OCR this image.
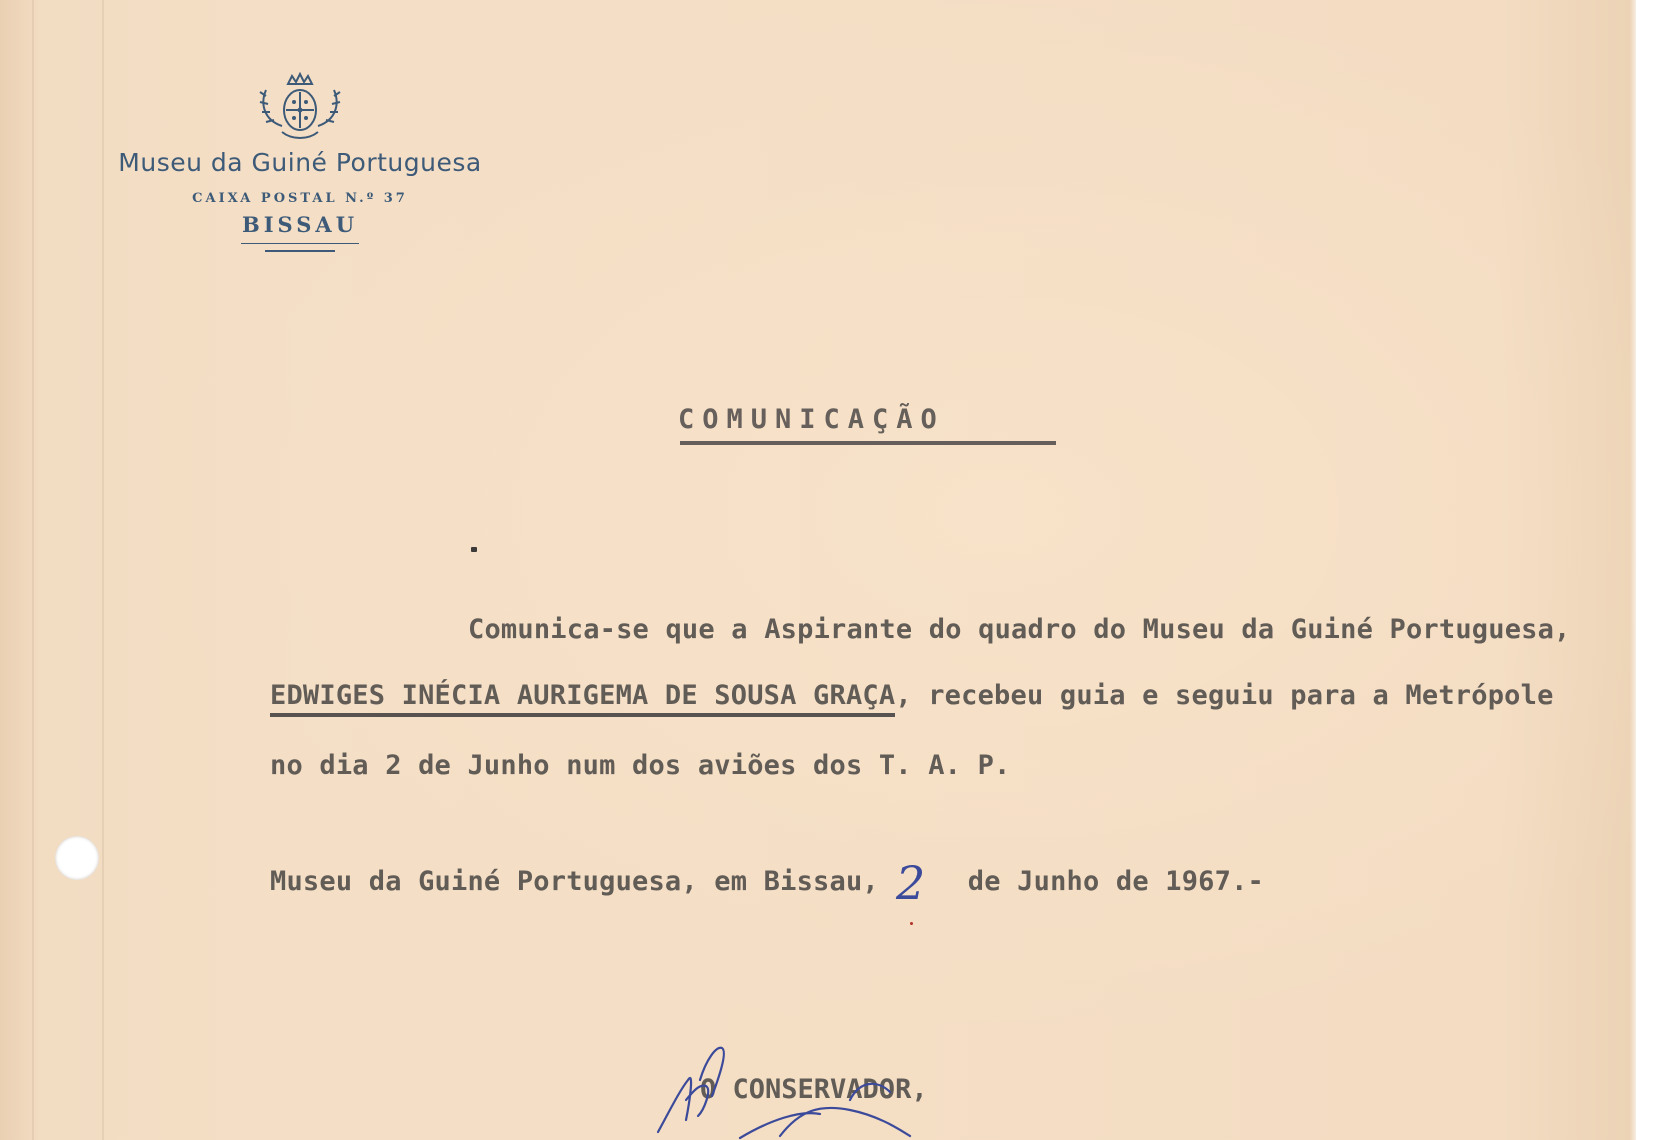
Museu da Guiné Portuguesa
CAIXA POSTAL N.º 37
BISSAU
COMUNICAÇÃO
Comunica-se que a Aspirante do quadro do Museu da Guiné Portuguesa,
EDWIGES INÉCIA AURIGEMA DE SOUSA GRAÇA, recebeu guia e seguiu para a Metrópole
no dia 2 de Junho num dos aviões dos T. A. P.
Museu da Guiné Portuguesa, em Bissau,	de Junho de 1967.-
2
O CONSERVADOR,
